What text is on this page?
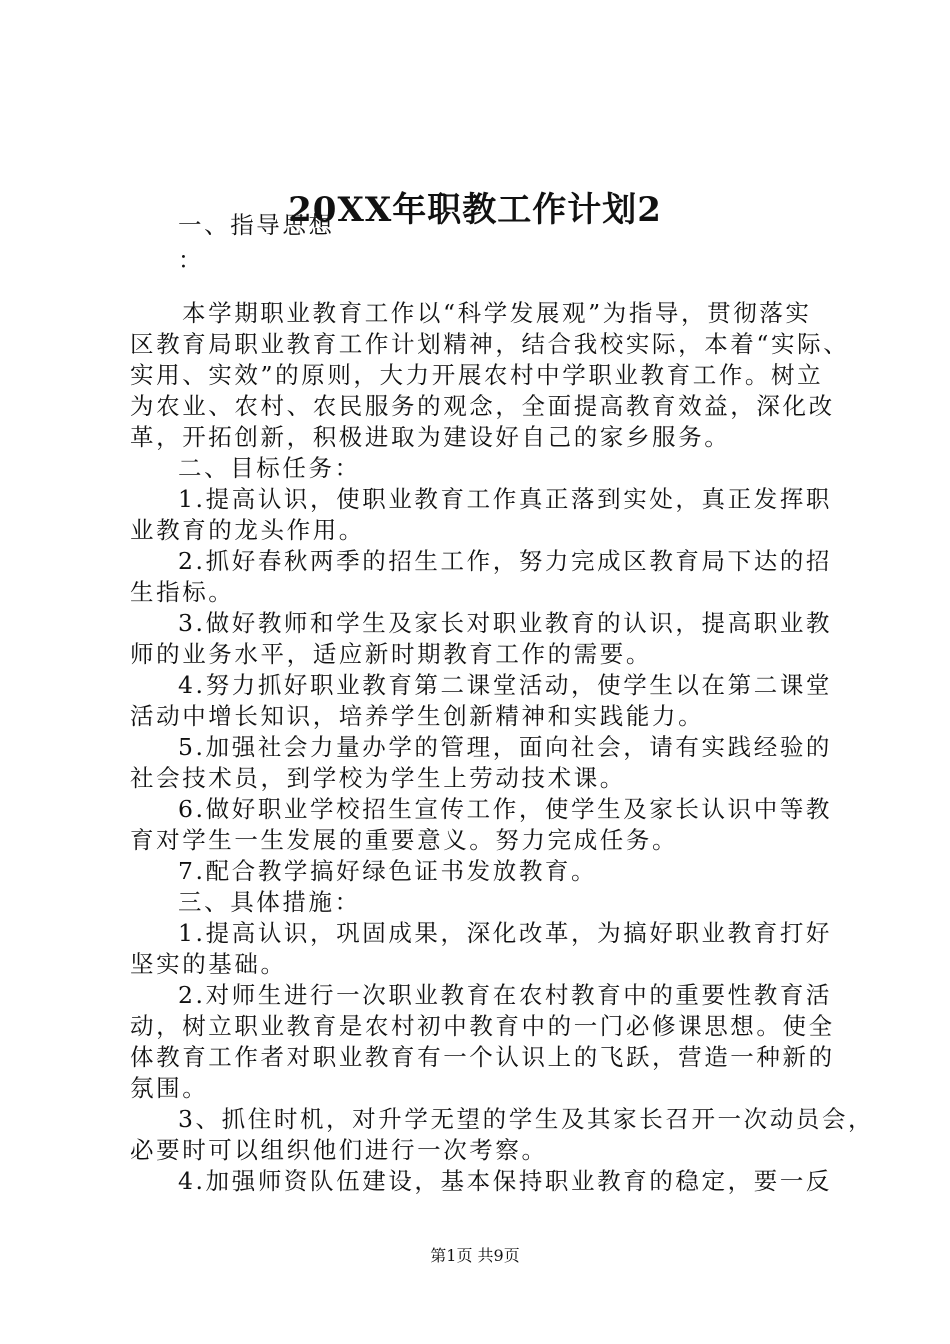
20XX年职教工作计划2
一、指导思想
：
本学期职业教育工作以“科学发展观”为指导，贯彻落实
区教育局职业教育工作计划精神，结合我校实际，本着“实际、
实用、实效”的原则，大力开展农村中学职业教育工作。树立
为农业、农村、农民服务的观念，全面提高教育效益，深化改
革，开拓创新，积极进取为建设好自己的家乡服务。
二、目标任务：
1.提高认识，使职业教育工作真正落到实处，真正发挥职
业教育的龙头作用。
2.抓好春秋两季的招生工作，努力完成区教育局下达的招
生指标。
3.做好教师和学生及家长对职业教育的认识，提高职业教
师的业务水平，适应新时期教育工作的需要。
4.努力抓好职业教育第二课堂活动，使学生以在第二课堂
活动中增长知识，培养学生创新精神和实践能力。
5.加强社会力量办学的管理，面向社会，请有实践经验的
社会技术员，到学校为学生上劳动技术课。
6.做好职业学校招生宣传工作，使学生及家长认识中等教
育对学生一生发展的重要意义。努力完成任务。
7.配合教学搞好绿色证书发放教育。
三、具体措施：
1.提高认识，巩固成果，深化改革，为搞好职业教育打好
坚实的基础。
2.对师生进行一次职业教育在农村教育中的重要性教育活
动，树立职业教育是农村初中教育中的一门必修课思想。使全
体教育工作者对职业教育有一个认识上的飞跃，营造一种新的
氛围。
3、抓住时机，对升学无望的学生及其家长召开一次动员会，
必要时可以组织他们进行一次考察。
4.加强师资队伍建设，基本保持职业教育的稳定，要一反
第1页 共9页
